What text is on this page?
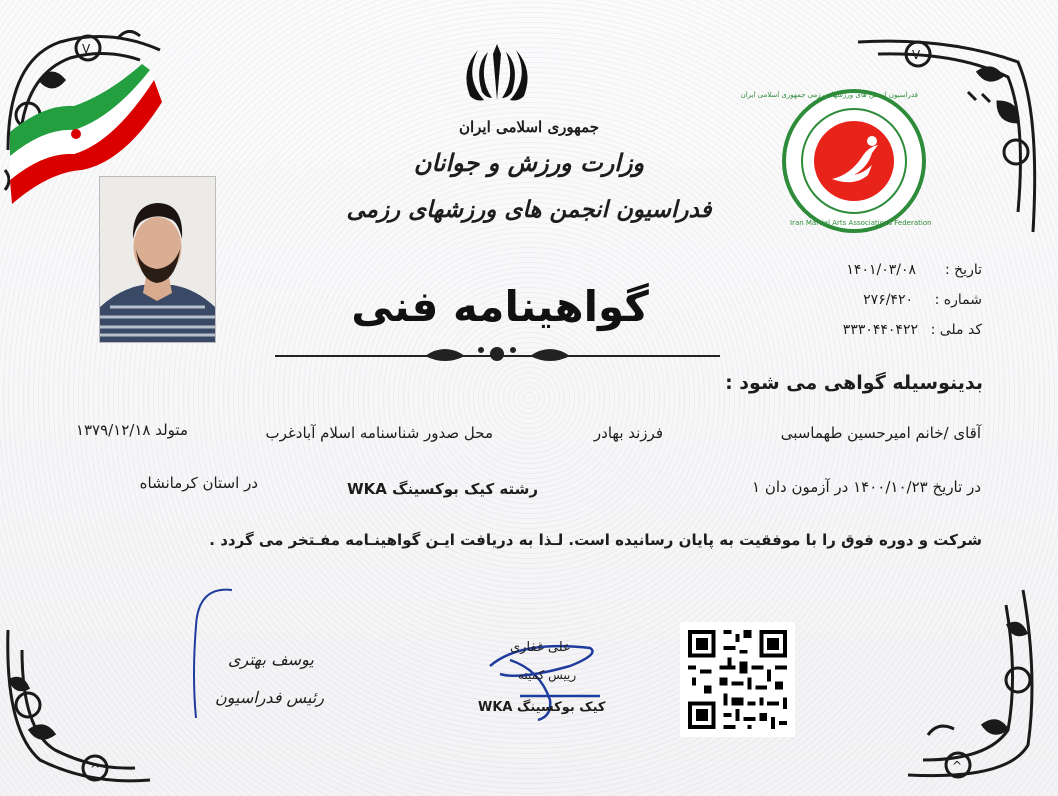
V	V
^	^
جمهوری اسلامی ایران
وزارت ورزش و جوانان
فدراسیون انجمن های ورزشهای رزمی
فدراسیون انجمن های ورزشهای رزمی جمهوری اسلامی ایران
Iran Martial Arts Associations Federation
گواهینامه فنی
تاریخ :
۱۴۰۱/۰۳/۰۸
شماره :
۲۷۶/۴۲۰
کد ملی :
۳۳۳۰۴۴۰۴۲۲
بدینوسیله گواهی می شود :
آقای /خانم امیرحسین طهماسبی
فرزند بهادر
محل صدور شناسنامه اسلام آبادغرب
متولد ۱۳۷۹/۱۲/۱۸
در تاریخ ۱۴۰۰/۱۰/۲۳ در آزمون دان ۱
رشته کیک بوکسینگ WKA
در استان کرمانشاه
شرکت و دوره فوق را با موفقیت به پایان رسانیده است. لـذا به دریافت ایـن گواهینـامه مفـتخر می گردد .
یوسف بهتری
رئیس فدراسیون
علی غفاری
رییس کمیته
کیک بوکسینگ WKA
